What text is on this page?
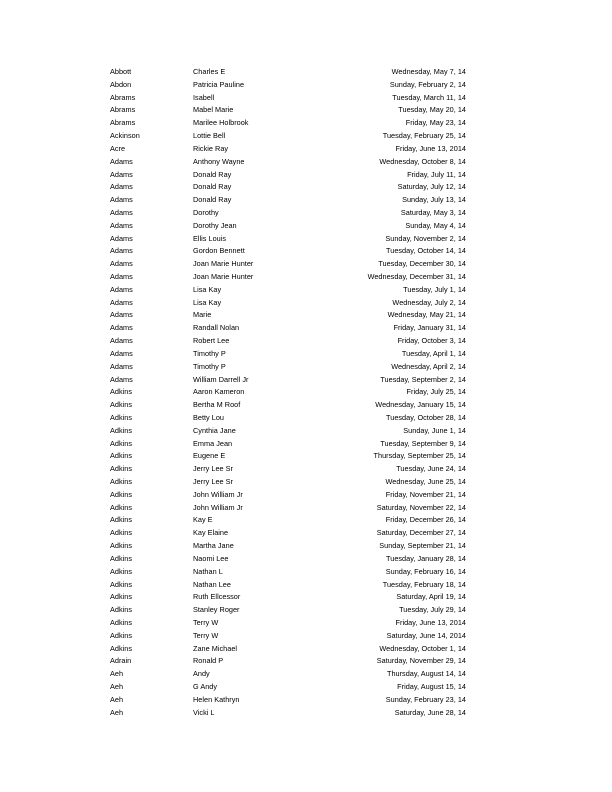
Abbott	Charles E	Wednesday, May 7, 14
Abdon	Patricia Pauline	Sunday, February 2, 14
Abrams	Isabell	Tuesday, March 11, 14
Abrams	Mabel Marie	Tuesday, May 20, 14
Abrams	Marilee Holbrook	Friday, May 23, 14
Ackinson	Lottie Bell	Tuesday, February 25, 14
Acre	Rickie Ray	Friday, June 13, 2014
Adams	Anthony Wayne	Wednesday, October 8, 14
Adams	Donald Ray	Friday, July 11, 14
Adams	Donald Ray	Saturday, July 12, 14
Adams	Donald Ray	Sunday, July 13, 14
Adams	Dorothy	Saturday, May 3, 14
Adams	Dorothy Jean	Sunday, May 4, 14
Adams	Ellis Louis	Sunday, November 2, 14
Adams	Gordon Bennett	Tuesday, October 14, 14
Adams	Joan Marie Hunter	Tuesday, December 30, 14
Adams	Joan Marie Hunter	Wednesday, December 31, 14
Adams	Lisa Kay	Tuesday, July 1, 14
Adams	Lisa Kay	Wednesday, July 2, 14
Adams	Marie	Wednesday, May 21, 14
Adams	Randall Nolan	Friday, January 31, 14
Adams	Robert Lee	Friday, October 3, 14
Adams	Timothy P	Tuesday, April 1, 14
Adams	Timothy P	Wednesday, April 2, 14
Adams	William Darrell Jr	Tuesday, September 2, 14
Adkins	Aaron Kameron	Friday, July 25, 14
Adkins	Bertha M Roof	Wednesday, January 15, 14
Adkins	Betty Lou	Tuesday, October 28, 14
Adkins	Cynthia Jane	Sunday, June 1, 14
Adkins	Emma Jean	Tuesday, September 9, 14
Adkins	Eugene E	Thursday, September 25, 14
Adkins	Jerry Lee Sr	Tuesday, June 24, 14
Adkins	Jerry Lee Sr	Wednesday, June 25, 14
Adkins	John William Jr	Friday, November 21, 14
Adkins	John William Jr	Saturday, November 22, 14
Adkins	Kay E	Friday, December 26, 14
Adkins	Kay Elaine	Saturday, December 27, 14
Adkins	Martha Jane	Sunday, September 21, 14
Adkins	Naomi Lee	Tuesday, January 28, 14
Adkins	Nathan L	Sunday, February 16, 14
Adkins	Nathan Lee	Tuesday, February 18, 14
Adkins	Ruth Ellcessor	Saturday, April 19, 14
Adkins	Stanley Roger	Tuesday, July 29, 14
Adkins	Terry W	Friday, June 13, 2014
Adkins	Terry W	Saturday, June 14, 2014
Adkins	Zane Michael	Wednesday, October 1, 14
Adrain	Ronald P	Saturday, November 29, 14
Aeh	Andy	Thursday, August 14, 14
Aeh	G Andy	Friday, August 15, 14
Aeh	Helen Kathryn	Sunday, February 23, 14
Aeh	Vicki L	Saturday, June 28, 14
